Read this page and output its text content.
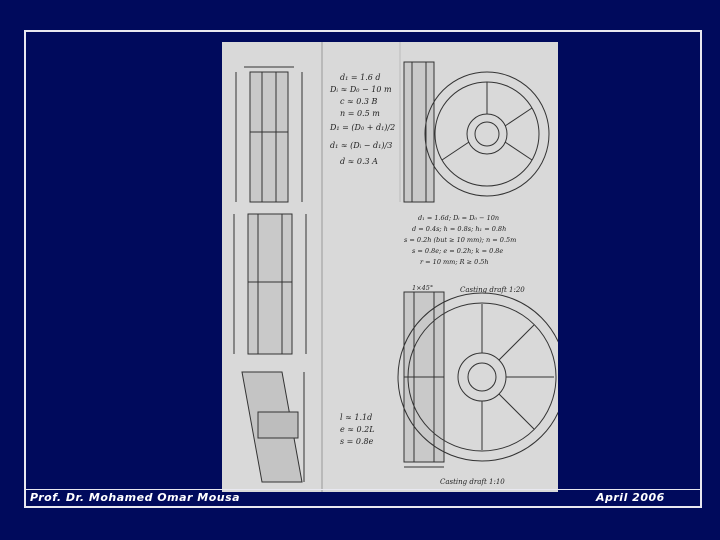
d₁ = 1.6 d
Dᵢ ≈ D₀ − 10 m
c ≈ 0.3 B
n = 0.5 m
D₁ = (D₀ + d₁)/2
d₁ ≈ (Dᵢ − d₁)/3
d ≈ 0.3 A
d₁ = 1.6d; Dᵢ = D₀ − 10n
d = 0.4s; h = 0.8s; h₁ = 0.8h
s = 0.2h (but ≥ 10 mm); n = 0.5m
s = 0.8e; e = 0.2h; k = 0.8e
r = 10 mm; R ≥ 0.5h
Casting draft 1:20
Casting draft 1:10
1×45°
l ≈ 1.1d
e ≈ 0.2L
s = 0.8e
Prof. Dr. Mohamed Omar Mousa	April 2006
